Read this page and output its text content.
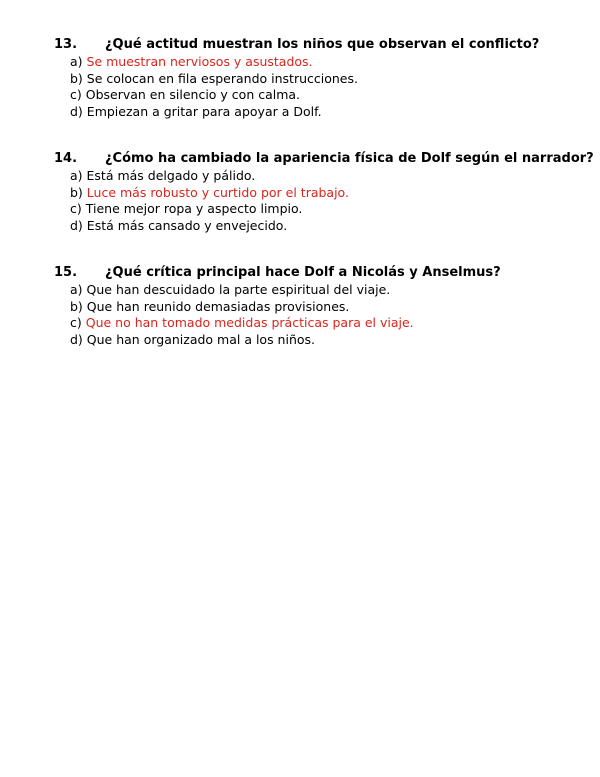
13. ¿Qué actitud muestran los niños que observan el conflicto?
a) Se muestran nerviosos y asustados.
b) Se colocan en fila esperando instrucciones.
c) Observan en silencio y con calma.
d) Empiezan a gritar para apoyar a Dolf.
14. ¿Cómo ha cambiado la apariencia física de Dolf según el narrador?
a) Está más delgado y pálido.
b) Luce más robusto y curtido por el trabajo.
c) Tiene mejor ropa y aspecto limpio.
d) Está más cansado y envejecido.
15. ¿Qué crítica principal hace Dolf a Nicolás y Anselmus?
a) Que han descuidado la parte espiritual del viaje.
b) Que han reunido demasiadas provisiones.
c) Que no han tomado medidas prácticas para el viaje.
d) Que han organizado mal a los niños.
